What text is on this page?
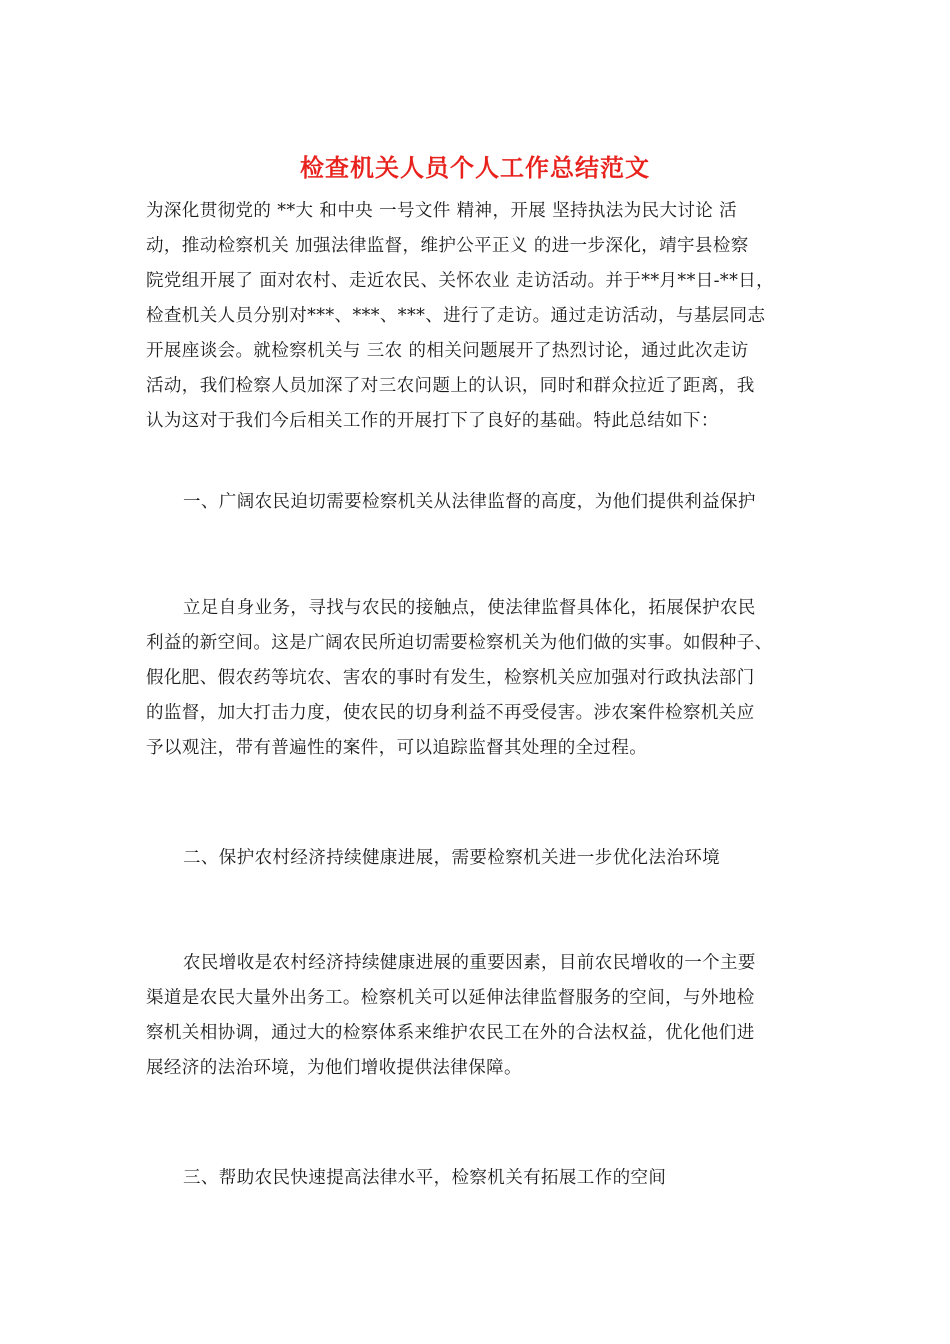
检查机关人员个人工作总结范文
为深化贯彻党的 **大 和中央 一号文件 精神，开展 坚持执法为民大讨论 活
动，推动检察机关 加强法律监督，维护公平正义 的进一步深化，靖宇县检察
院党组开展了 面对农村、走近农民、关怀农业 走访活动。并于**月**日-**日，
检查机关人员分别对***、***、***、进行了走访。通过走访活动，与基层同志
开展座谈会。就检察机关与 三农 的相关问题展开了热烈讨论，通过此次走访
活动，我们检察人员加深了对三农问题上的认识，同时和群众拉近了距离，我
认为这对于我们今后相关工作的开展打下了良好的基础。特此总结如下：
一、广阔农民迫切需要检察机关从法律监督的高度，为他们提供利益保护
立足自身业务，寻找与农民的接触点，使法律监督具体化，拓展保护农民
利益的新空间。这是广阔农民所迫切需要检察机关为他们做的实事。如假种子、
假化肥、假农药等坑农、害农的事时有发生，检察机关应加强对行政执法部门
的监督，加大打击力度，使农民的切身利益不再受侵害。涉农案件检察机关应
予以观注，带有普遍性的案件，可以追踪监督其处理的全过程。
二、保护农村经济持续健康进展，需要检察机关进一步优化法治环境
农民增收是农村经济持续健康进展的重要因素，目前农民增收的一个主要
渠道是农民大量外出务工。检察机关可以延伸法律监督服务的空间，与外地检
察机关相协调，通过大的检察体系来维护农民工在外的合法权益，优化他们进
展经济的法治环境，为他们增收提供法律保障。
三、帮助农民快速提高法律水平，检察机关有拓展工作的空间
